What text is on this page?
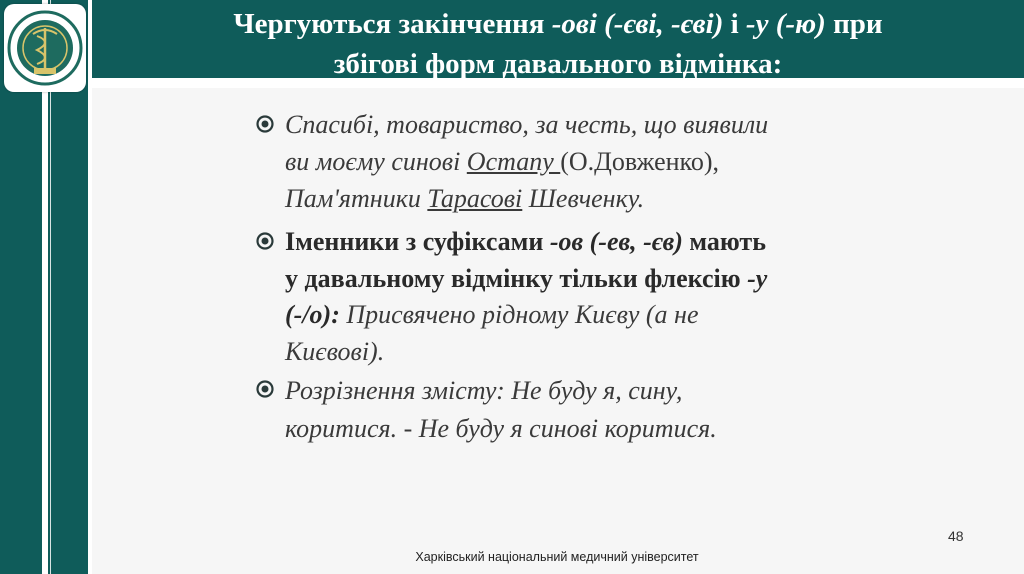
Чергуються закінчення -ові (-єві, -єві) і -у (-ю) при
збігові форм давального відмінка:
Спасибі, товариство, за честь, що виявили
ви моєму синові Остапу (О.Довженко),
Пам'ятники Тарасові Шевченку.
Іменники з суфіксами -ов (-ев, -єв) мають
у давальному відмінку тільки флексію -у
(-/о): Присвячено рідному Києву (а не
Києвові).
Розрізнення змісту: Не буду я, сину,
коритися. - Не буду я синові коритися.
48
Харківський національний медичний університет
